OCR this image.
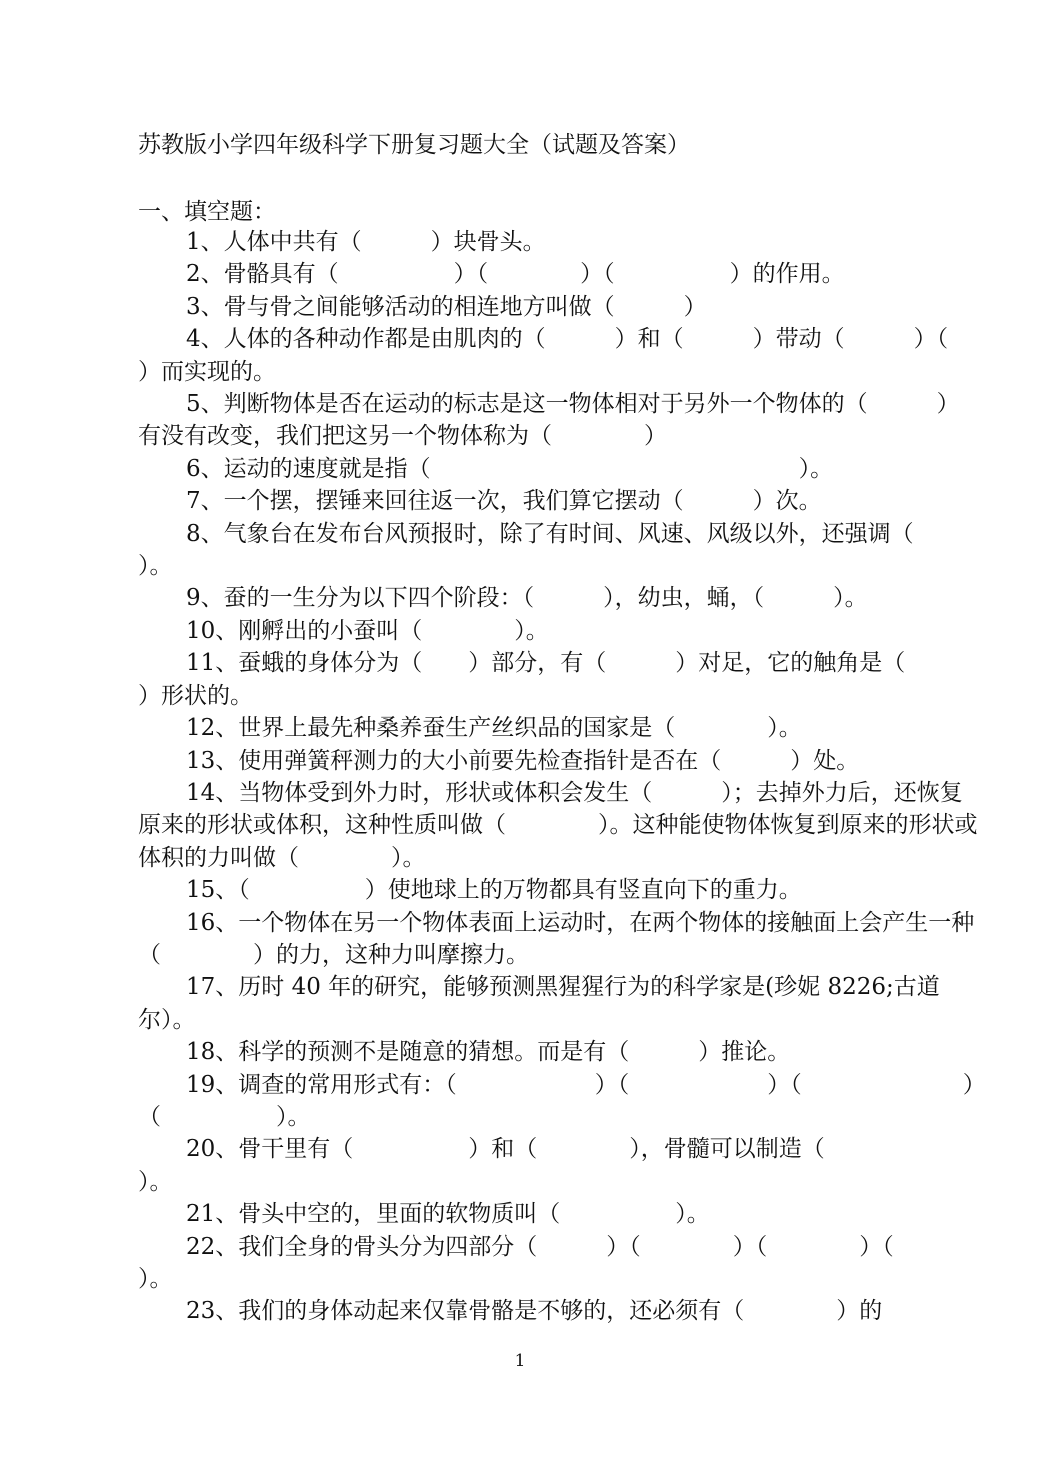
苏教版小学四年级科学下册复习题大全（试题及答案）
一、填空题：

1、人体中共有（　　　）块骨头。

2、骨骼具有（　　　　　）（　　　　）（　　　　　）的作用。

3、骨与骨之间能够活动的相连地方叫做（　　　）

4、人体的各种动作都是由肌肉的（　　　）和（　　　）带动（　　　）（　　　）而实现的。

5、判断物体是否在运动的标志是这一物体相对于另外一个物体的（　　　）有没有改变，我们把这另一个物体称为（　　　　）

6、运动的速度就是指（　　　　　　　　　　　　　　　　）。

7、一个摆，摆锤来回往返一次，我们算它摆动（　　　）次。

8、气象台在发布台风预报时，除了有时间、风速、风级以外，还强调（　　　）。

9、蚕的一生分为以下四个阶段：（　　　），幼虫，蛹，（　　　）。

10、刚孵出的小蚕叫（　　　　）。

11、蚕蛾的身体分为（　　）部分，有（　　　）对足，它的触角是（　　　　）形状的。

12、世界上最先种桑养蚕生产丝织品的国家是（　　　　）。

13、使用弹簧秤测力的大小前要先检查指针是否在（　　　）处。

14、当物体受到外力时，形状或体积会发生（　　　）；去掉外力后，还恢复原来的形状或体积，这种性质叫做（　　　　）。这种能使物体恢复到原来的形状或体积的力叫做（　　　　）。

15、（　　　　　）使地球上的万物都具有竖直向下的重力。

16、一个物体在另一个物体表面上运动时，在两个物体的接触面上会产生一种（　　　　）的力，这种力叫摩擦力。

17、历时 40 年的研究，能够预测黑猩猩行为的科学家是(珍妮 8226;古道尔）。

18、科学的预测不是随意的猜想。而是有（　　　）推论。

19、调查的常用形式有：（　　　　　　）（　　　　　　）（　　　　　　　）（　　　　　）。

20、骨干里有（　　　　　）和（　　　　），骨髓可以制造（　　　　　　）。

21、骨头中空的，里面的软物质叫（　　　　　）。

22、我们全身的骨头分为四部分（　　　）（　　　　）（　　　　）（　　　　）。

23、我们的身体动起来仅靠骨骼是不够的，还必须有（　　　　）的

1
